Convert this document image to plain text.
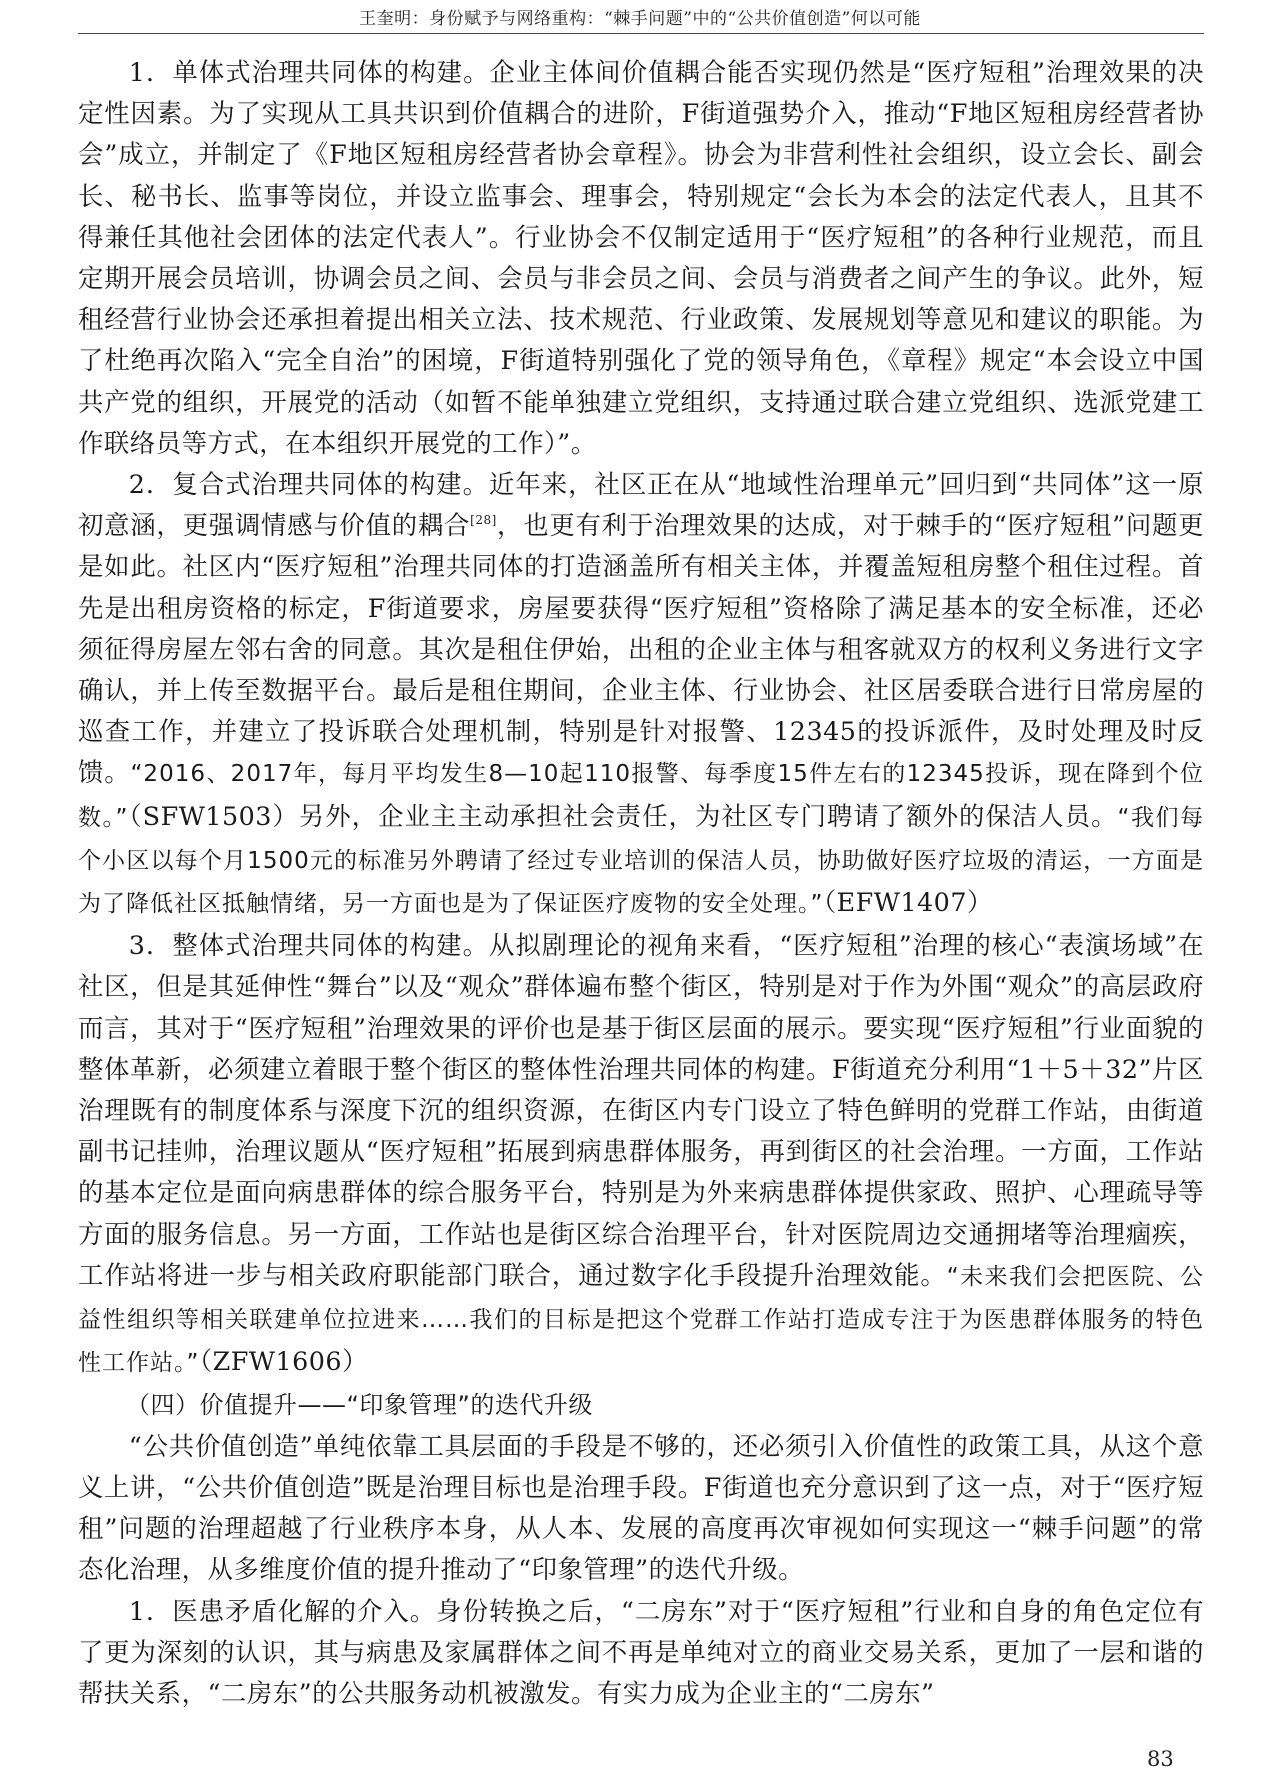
王奎明：身份赋予与网络重构：“棘手问题”中的“公共价值创造”何以可能

1．单体式治理共同体的构建。企业主体间价值耦合能否实现仍然是“医疗短租”治理效果的决定性因素。为了实现从工具共识到价值耦合的进阶，F街道强势介入，推动“F地区短租房经营者协会”成立，并制定了《F地区短租房经营者协会章程》。协会为非营利性社会组织，设立会长、副会长、秘书长、监事等岗位，并设立监事会、理事会，特别规定“会长为本会的法定代表人，且其不得兼任其他社会团体的法定代表人”。行业协会不仅制定适用于“医疗短租”的各种行业规范，而且定期开展会员培训，协调会员之间、会员与非会员之间、会员与消费者之间产生的争议。此外，短租经营行业协会还承担着提出相关立法、技术规范、行业政策、发展规划等意见和建议的职能。为了杜绝再次陷入“完全自治”的困境，F街道特别强化了党的领导角色，《章程》规定“本会设立中国共产党的组织，开展党的活动（如暂不能单独建立党组织，支持通过联合建立党组织、选派党建工作联络员等方式，在本组织开展党的工作）”。

2．复合式治理共同体的构建。近年来，社区正在从“地域性治理单元”回归到“共同体”这一原初意涵，更强调情感与价值的耦合[28]，也更有利于治理效果的达成，对于棘手的“医疗短租”问题更是如此。社区内“医疗短租”治理共同体的打造涵盖所有相关主体，并覆盖短租房整个租住过程。首先是出租房资格的标定，F街道要求，房屋要获得“医疗短租”资格除了满足基本的安全标准，还必须征得房屋左邻右舍的同意。其次是租住伊始，出租的企业主体与租客就双方的权利义务进行文字确认，并上传至数据平台。最后是租住期间，企业主体、行业协会、社区居委联合进行日常房屋的巡查工作，并建立了投诉联合处理机制，特别是针对报警、12345的投诉派件，及时处理及时反馈。“2016、2017年，每月平均发生8—10起110报警、每季度15件左右的12345投诉，现在降到个位数。”（SFW1503）另外，企业主主动承担社会责任，为社区专门聘请了额外的保洁人员。“我们每个小区以每个月1500元的标准另外聘请了经过专业培训的保洁人员，协助做好医疗垃圾的清运，一方面是为了降低社区抵触情绪，另一方面也是为了保证医疗废物的安全处理。”（EFW1407）

3．整体式治理共同体的构建。从拟剧理论的视角来看，“医疗短租”治理的核心“表演场域”在社区，但是其延伸性“舞台”以及“观众”群体遍布整个街区，特别是对于作为外围“观众”的高层政府而言，其对于“医疗短租”治理效果的评价也是基于街区层面的展示。要实现“医疗短租”行业面貌的整体革新，必须建立着眼于整个街区的整体性治理共同体的构建。F街道充分利用“1＋5＋32”片区治理既有的制度体系与深度下沉的组织资源，在街区内专门设立了特色鲜明的党群工作站，由街道副书记挂帅，治理议题从“医疗短租”拓展到病患群体服务，再到街区的社会治理。一方面，工作站的基本定位是面向病患群体的综合服务平台，特别是为外来病患群体提供家政、照护、心理疏导等方面的服务信息。另一方面，工作站也是街区综合治理平台，针对医院周边交通拥堵等治理痼疾，工作站将进一步与相关政府职能部门联合，通过数字化手段提升治理效能。“未来我们会把医院、公益性组织等相关联建单位拉进来……我们的目标是把这个党群工作站打造成专注于为医患群体服务的特色性工作站。”（ZFW1606）

（四）价值提升——“印象管理”的迭代升级

“公共价值创造”单纯依靠工具层面的手段是不够的，还必须引入价值性的政策工具，从这个意义上讲，“公共价值创造”既是治理目标也是治理手段。F街道也充分意识到了这一点，对于“医疗短租”问题的治理超越了行业秩序本身，从人本、发展的高度再次审视如何实现这一“棘手问题”的常态化治理，从多维度价值的提升推动了“印象管理”的迭代升级。

1．医患矛盾化解的介入。身份转换之后，“二房东”对于“医疗短租”行业和自身的角色定位有了更为深刻的认识，其与病患及家属群体之间不再是单纯对立的商业交易关系，更加了一层和谐的帮扶关系，“二房东”的公共服务动机被激发。有实力成为企业主的“二房东”

83
